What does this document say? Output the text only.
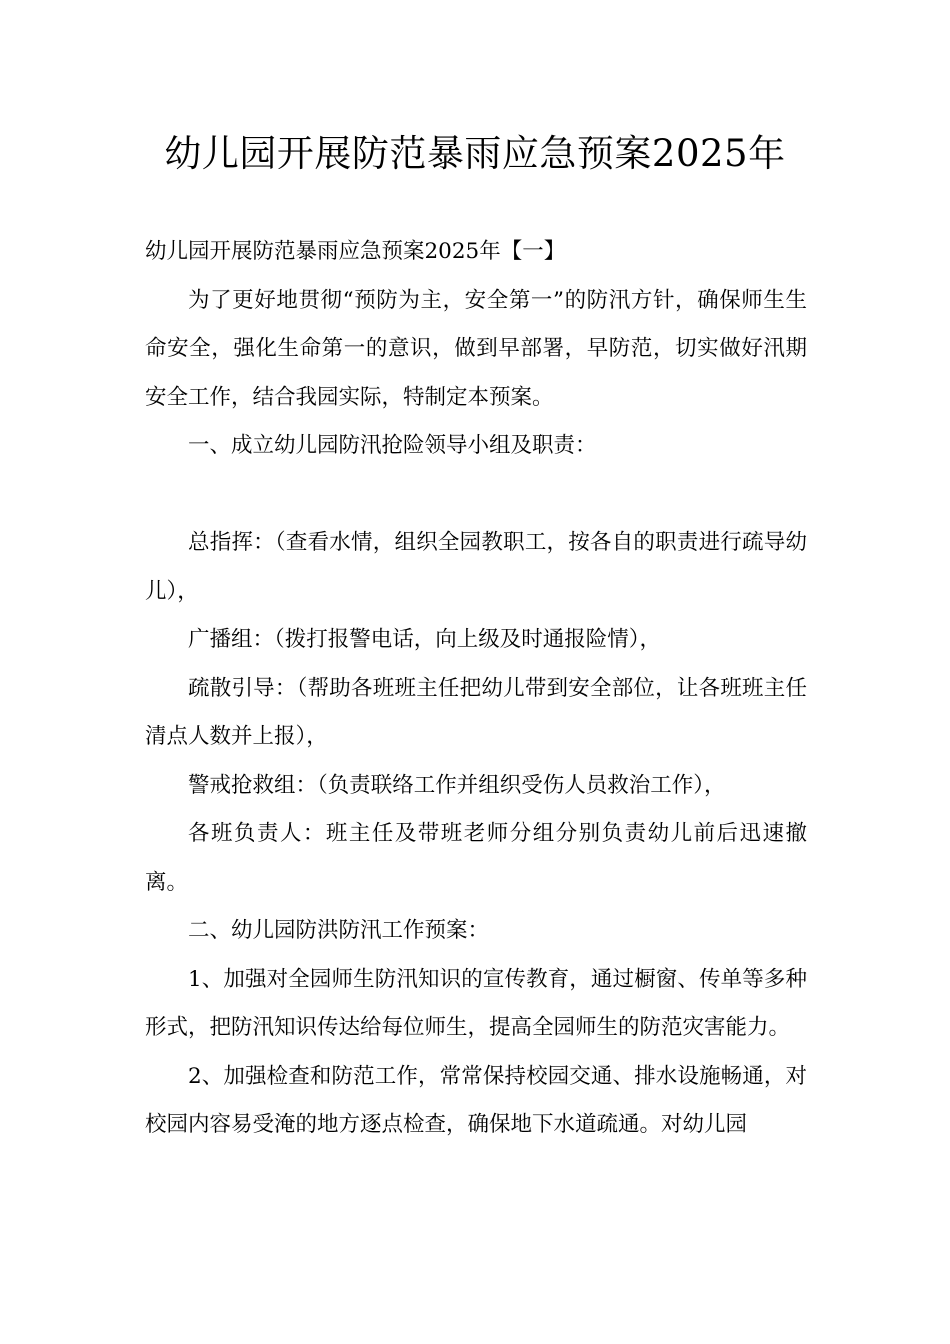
幼儿园开展防范暴雨应急预案2025年

幼儿园开展防范暴雨应急预案2025年【一】

为了更好地贯彻“预防为主，安全第一”的防汛方针，确保师生生命安全，强化生命第一的意识，做到早部署，早防范，切实做好汛期安全工作，结合我园实际，特制定本预案。

一、成立幼儿园防汛抢险领导小组及职责：

总指挥：（查看水情，组织全园教职工，按各自的职责进行疏导幼儿），

广播组：（拨打报警电话，向上级及时通报险情），

疏散引导：（帮助各班班主任把幼儿带到安全部位，让各班班主任清点人数并上报），

警戒抢救组：（负责联络工作并组织受伤人员救治工作），

各班负责人：班主任及带班老师分组分别负责幼儿前后迅速撤离。

二、幼儿园防洪防汛工作预案：

1、加强对全园师生防汛知识的宣传教育，通过橱窗、传单等多种形式，把防汛知识传达给每位师生，提高全园师生的防范灾害能力。

2、加强检查和防范工作，常常保持校园交通、排水设施畅通，对校园内容易受淹的地方逐点检查，确保地下水道疏通。对幼儿园
